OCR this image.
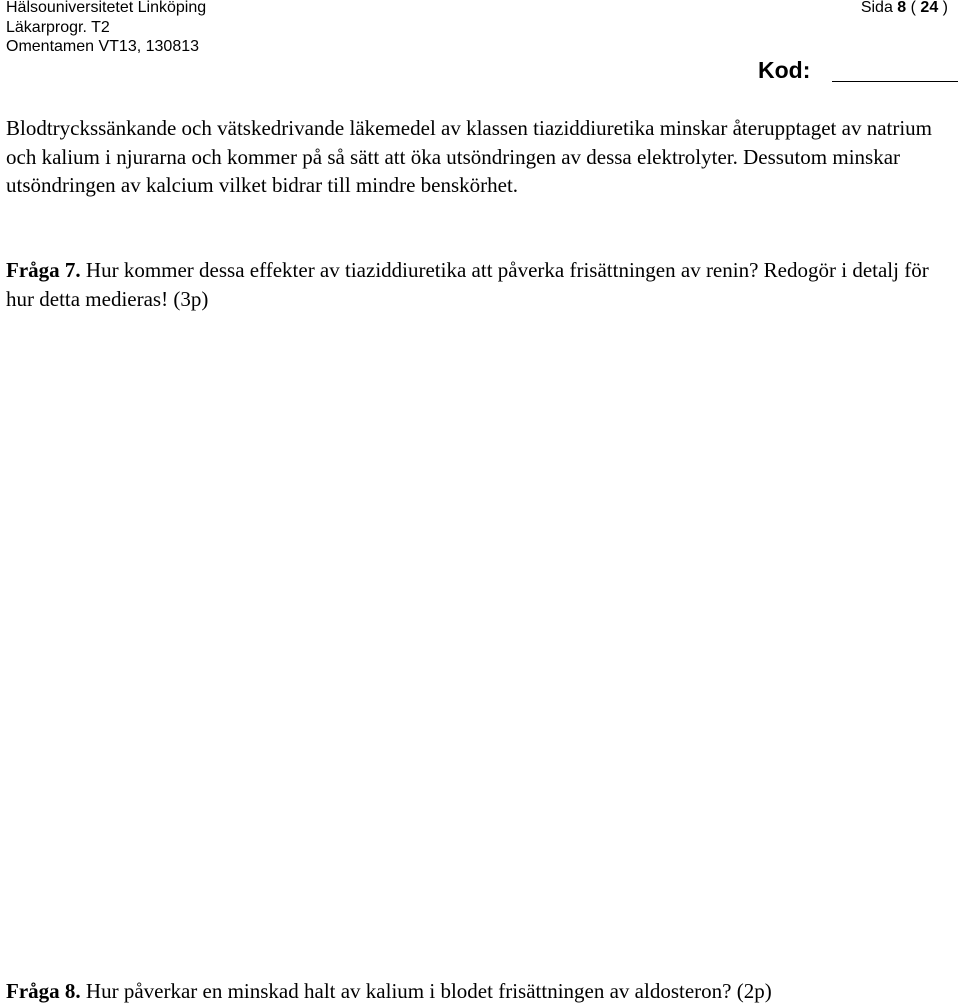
Hälsouniversitetet Linköping
Läkarprogr. T2
Omentamen VT13, 130813
Sida 8 ( 24 )
Kod:
Blodtryckssänkande och vätskedrivande läkemedel av klassen tiaziddiuretika minskar återupptaget av natrium och kalium i njurarna och kommer på så sätt att öka utsöndringen av dessa elektrolyter. Dessutom minskar utsöndringen av kalcium vilket bidrar till mindre benskörhet.
Fråga 7. Hur kommer dessa effekter av tiaziddiuretika att påverka frisättningen av renin? Redogör i detalj för hur detta medieras! (3p)
Fråga 8. Hur påverkar en minskad halt av kalium i blodet frisättningen av aldosteron? (2p)
